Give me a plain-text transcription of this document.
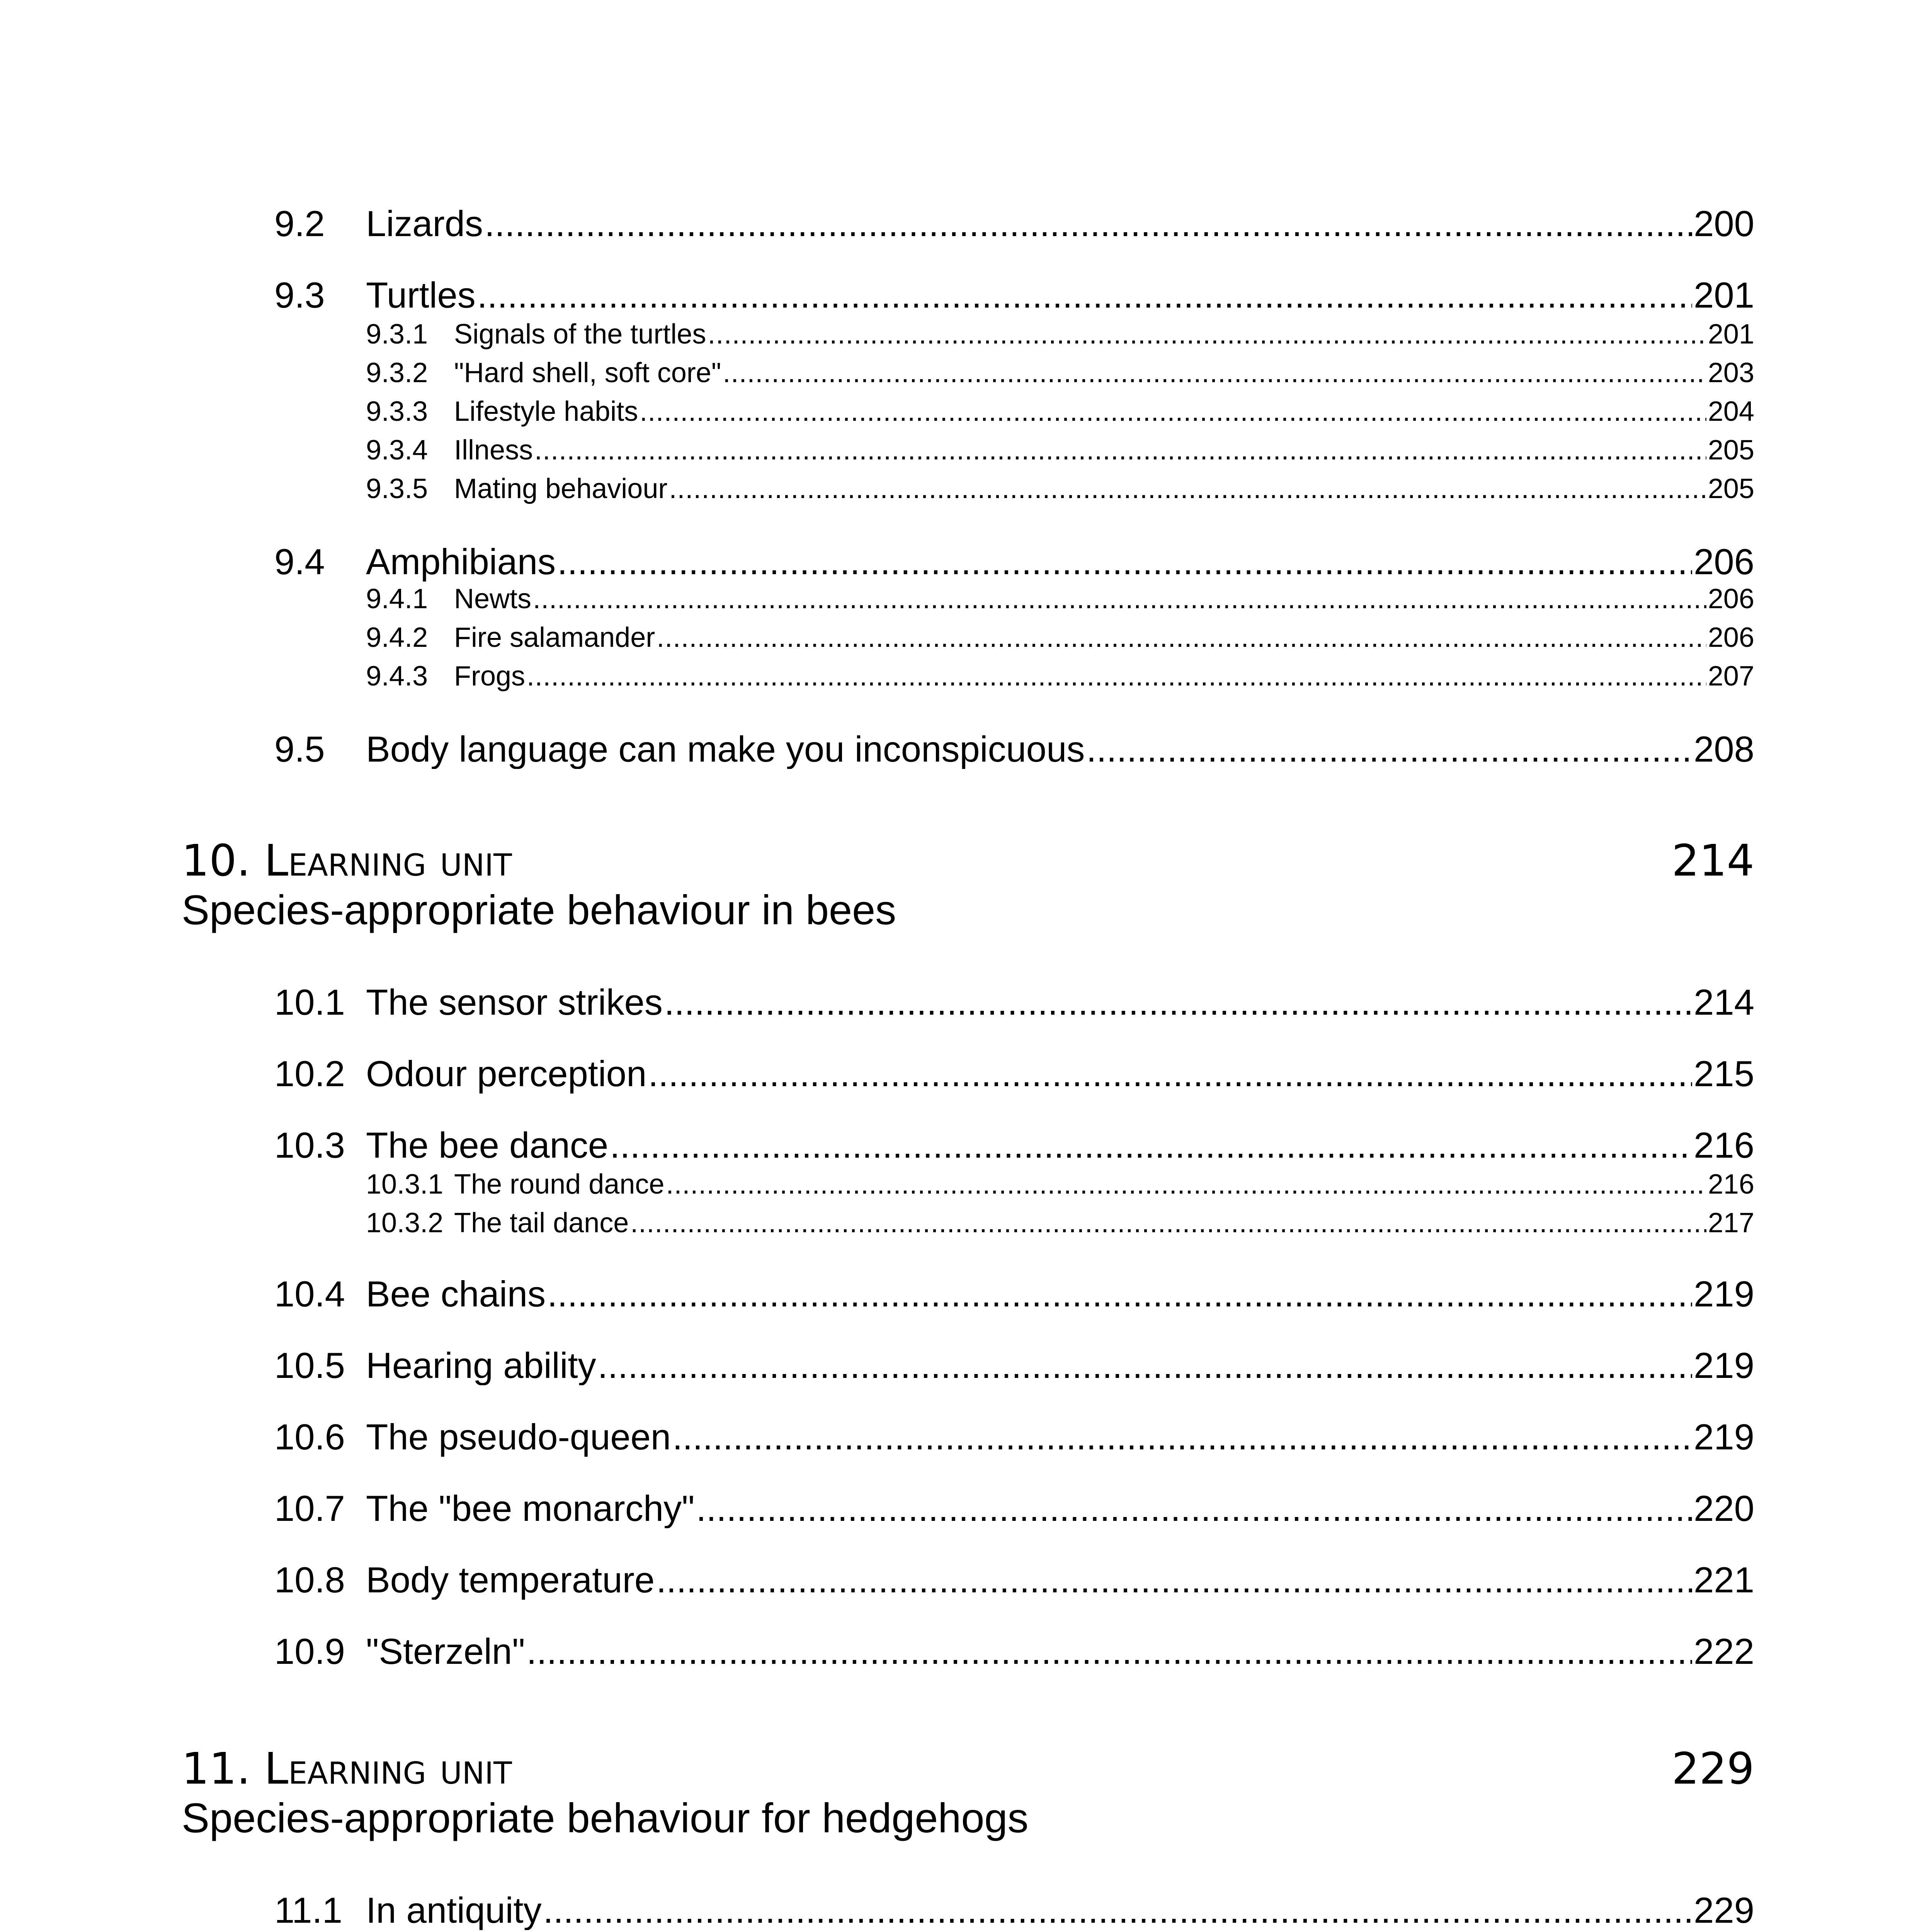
9.2	Lizards .....	200
9.3	Turtles .....	201
9.3.1 Signals of the turtles .....	201
9.3.2 "Hard shell, soft core" .....	203
9.3.3 Lifestyle habits .....	204
9.3.4 Illness .....	205
9.3.5 Mating behaviour .....	205
9.4	Amphibians .....	206
9.4.1 Newts .....	206
9.4.2 Fire salamander .....	206
9.4.3 Frogs .....	207
9.5	Body language can make you inconspicuous .....	208
10. Learning unit	214
Species-appropriate behaviour in bees
10.1 The sensor strikes .....	214
10.2 Odour perception .....	215
10.3 The bee dance .....	216
10.3.1 The round dance .....	216
10.3.2 The tail dance .....	217
10.4 Bee chains .....	219
10.5 Hearing ability .....	219
10.6 The pseudo-queen .....	219
10.7 The "bee monarchy" .....	220
10.8 Body temperature .....	221
10.9 "Sterzeln" .....	222
11. Learning unit	229
Species-appropriate behaviour for hedgehogs
11.1 In antiquity .....	229
